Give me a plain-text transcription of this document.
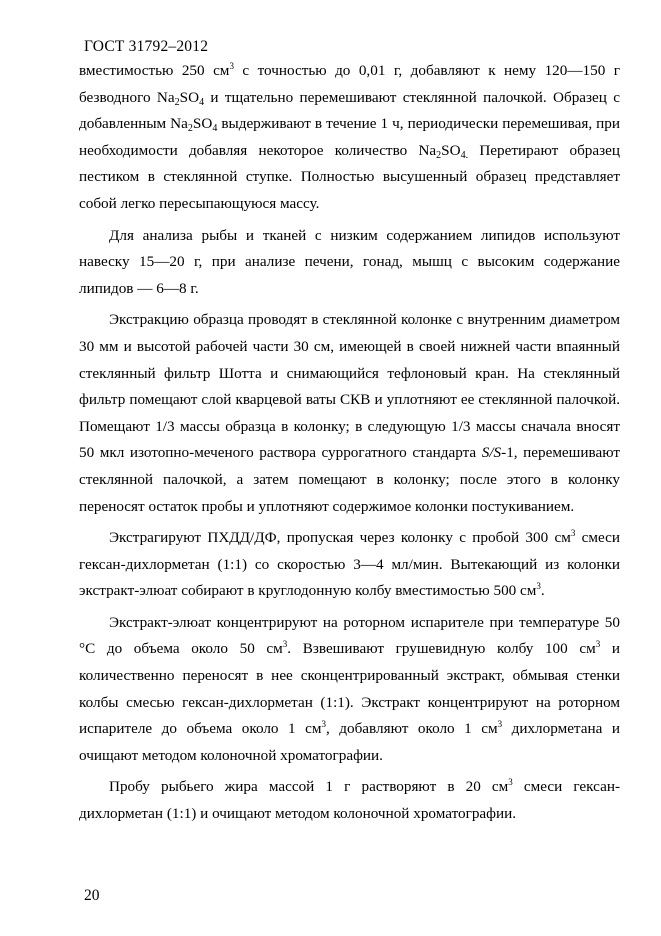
ГОСТ 31792–2012

вместимостью 250 $см^3$ с точностью до 0,01 г, добавляют к нему 120—150 г безводного $Na_2SO_4$ и тщательно перемешивают стеклянной палочкой. Образец с добавленным $Na_2SO_4$ выдерживают в течение 1 ч, периодически перемешивая, при необходимости добавляя некоторое количество $Na_2SO_{4.}$ Перетирают образец пестиком в стеклянной ступке. Полностью высушенный образец представляет собой легко пересыпающуюся массу.

Для анализа рыбы и тканей с низким содержанием липидов используют навеску 15—20 г, при анализе печени, гонад, мышц с высоким содержание липидов — 6—8 г.

Экстракцию образца проводят в стеклянной колонке с внутренним диаметром 30 мм и высотой рабочей части 30 см, имеющей в своей нижней части впаянный стеклянный фильтр Шотта и снимающийся тефлоновый кран. На стеклянный фильтр помещают слой кварцевой ваты СКВ и уплотняют ее стеклянной палочкой. Помещают 1/3 массы образца в колонку; в следующую 1/3 массы сначала вносят 50 мкл изотопно-меченого раствора суррогатного стандарта S/S-1, перемешивают стеклянной палочкой, а затем помещают в колонку; после этого в колонку переносят остаток пробы и уплотняют содержимое колонки постукиванием.

Экстрагируют ПХДД/ДФ, пропуская через колонку с пробой 300 $см^3$ смеси гексан-дихлорметан (1:1) со скоростью 3—4 мл/мин. Вытекающий из колонки экстракт-элюат собирают в круглодонную колбу вместимостью 500 $см^3$.

Экстракт-элюат концентрируют на роторном испарителе при температуре 50 °С до объема около 50 $см^3$. Взвешивают грушевидную колбу 100 $см^3$ и количественно переносят в нее сконцентрированный экстракт, обмывая стенки колбы смесью гексан-дихлорметан (1:1). Экстракт концентрируют на роторном испарителе до объема около 1 $см^3$, добавляют около 1 $см^3$ дихлорметана и очищают методом колоночной хроматографии.

Пробу рыбьего жира массой 1 г растворяют в 20 $см^3$ смеси гексан-дихлорметан (1:1) и очищают методом колоночной хроматографии.

20
